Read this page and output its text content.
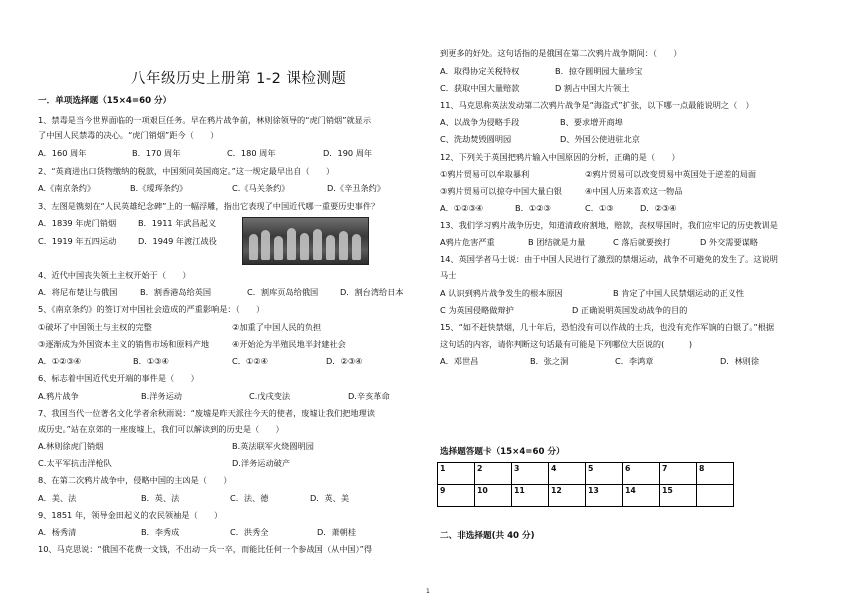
八年级历史上册第 1-2 课检测题
一．单项选择题（15×4=60 分）
1、禁毒是当今世界面临的一项艰巨任务。早在鸦片战争前，林则徐领导的“虎门销烟”就显示
了中国人民禁毒的决心。“虎门销烟”距今（　　）
A．160 周年	B．170 周年	C．180 周年	D．190 周年
2、“英商进出口货物缴纳的税款，中国须同英国商定。”这一规定最早出自（　　）
A.《南京条约》	B.《瑷珲条约》	C.《马关条约》	D.《辛丑条约》
3、左图是镌刻在“人民英雄纪念碑”上的一幅浮雕，指出它表现了中国近代哪一重要历史事件？
A．1839 年虎门销烟	B．1911 年武昌起义
C．1919 年五四运动	D．1949 年渡江战役
4、近代中国丧失领土主权开始于（　　）
A．将尼布楚让与俄国	B．割香港岛给英国	C．割库页岛给俄国	D．割台湾给日本
5、《南京条约》的签订对中国社会造成的严重影响是：（　　）
①破坏了中国领土与主权的完整	②加重了中国人民的负担
③逐渐成为外国资本主义的销售市场和原料产地	④开始沦为半殖民地半封建社会
A．①②③④	B．①③④	C．①②④	D．②③④
6、标志着中国近代史开端的事件是（　　）
A.鸦片战争	B.洋务运动	C.戊戌变法	D.辛亥革命
7、我国当代一位著名文化学者余秋雨说：“废墟是昨天派往今天的使者，废墟让我们把地理读
成历史。”站在京郊的一座废墟上，我们可以解读到的历史是（　　）
A.林则徐虎门销烟	B.英法联军火烧圆明园
C.太平军抗击洋枪队	D.洋务运动破产
8、在第二次鸦片战争中，侵略中国的主凶是（　　）
A．美、法	B．英、法	C．法、德	D．英、美
9、1851 年，领导金田起义的农民领袖是（　　）
A．杨秀清	B．李秀成	C．洪秀全	D．萧朝桂
10、马克思说：“俄国不花费一文钱，不出动一兵一卒，而能比任何一个参战国（从中国）”得
到更多的好处。这句话指的是俄国在第二次鸦片战争期间：（　　）
A．取得协定关税特权	B．掠夺圆明园大量珍宝
C．获取中国大量赔款	D 割占中国大片领土
11、马克思称英法发动第二次鸦片战争是“海盗式”扩张，以下哪一点最能说明之（　）
A、以战争为侵略手段	B、要求增开商埠
C、洗劫焚毁圆明园	D、外国公使进驻北京
12、下列关于英国把鸦片输入中国原因的分析，正确的是（　　）
①鸦片贸易可以牟取暴利	②鸦片贸易可以改变贸易中英国处于逆差的局面
③鸦片贸易可以掠夺中国大量白银	④中国人历来喜欢这一物品
A．①②③④	B．①②③	C．①③	D．②③④
13、我们学习鸦片战争历史，知道清政府割地，赔款，丧权辱国时，我们应牢记的历史教训是
A鸦片危害严重	B 团结就是力量	C 落后就要挨打	D 外交需要谋略
14、英国学者马士说：由于中国人民进行了激烈的禁烟运动，战争不可避免的发生了。这说明
马士
A 认识到鸦片战争发生的根本原因	B 肯定了中国人民禁烟运动的正义性
C 为英国侵略做辩护	D 正确说明英国发动战争的目的
15、“如不赶快禁烟，几十年后，恐怕没有可以作战的士兵，也没有充作军饷的白银了。”根据
这句话的内容，请你判断这句话最有可能是下列哪位大臣说的(　　　)
A．邓世昌	B．张之洞	C．李鸿章	D．林则徐
选择题答题卡（15×4=60 分）
1	2	3	4	5	6	7	8
9	10	11	12	13	14	15	
二、非选择题(共 40 分)
1
